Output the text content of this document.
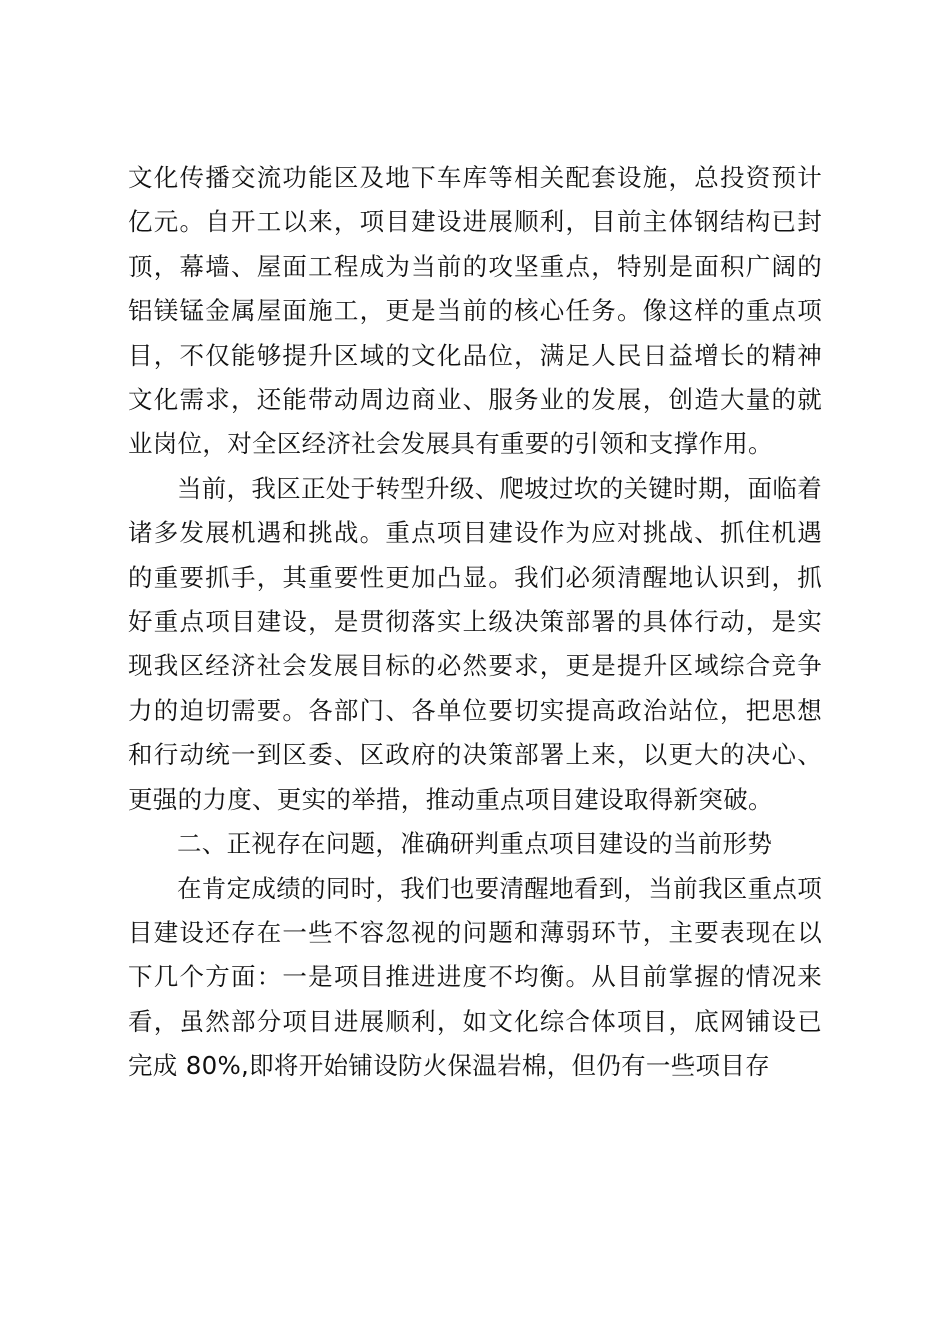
文化传播交流功能区及地下车库等相关配套设施，总投资预计亿元。自开工以来，项目建设进展顺利，目前主体钢结构已封顶，幕墙、屋面工程成为当前的攻坚重点，特别是面积广阔的铝镁锰金属屋面施工，更是当前的核心任务。像这样的重点项目，不仅能够提升区域的文化品位，满足人民日益增长的精神文化需求，还能带动周边商业、服务业的发展，创造大量的就业岗位，对全区经济社会发展具有重要的引领和支撑作用。

当前，我区正处于转型升级、爬坡过坎的关键时期，面临着诸多发展机遇和挑战。重点项目建设作为应对挑战、抓住机遇的重要抓手，其重要性更加凸显。我们必须清醒地认识到，抓好重点项目建设，是贯彻落实上级决策部署的具体行动，是实现我区经济社会发展目标的必然要求，更是提升区域综合竞争力的迫切需要。各部门、各单位要切实提高政治站位，把思想和行动统一到区委、区政府的决策部署上来，以更大的决心、更强的力度、更实的举措，推动重点项目建设取得新突破。

二、正视存在问题，准确研判重点项目建设的当前形势

在肯定成绩的同时，我们也要清醒地看到，当前我区重点项目建设还存在一些不容忽视的问题和薄弱环节，主要表现在以下几个方面：一是项目推进进度不均衡。从目前掌握的情况来看，虽然部分项目进展顺利，如文化综合体项目，底网铺设已完成 80%,即将开始铺设防火保温岩棉，但仍有一些项目存
